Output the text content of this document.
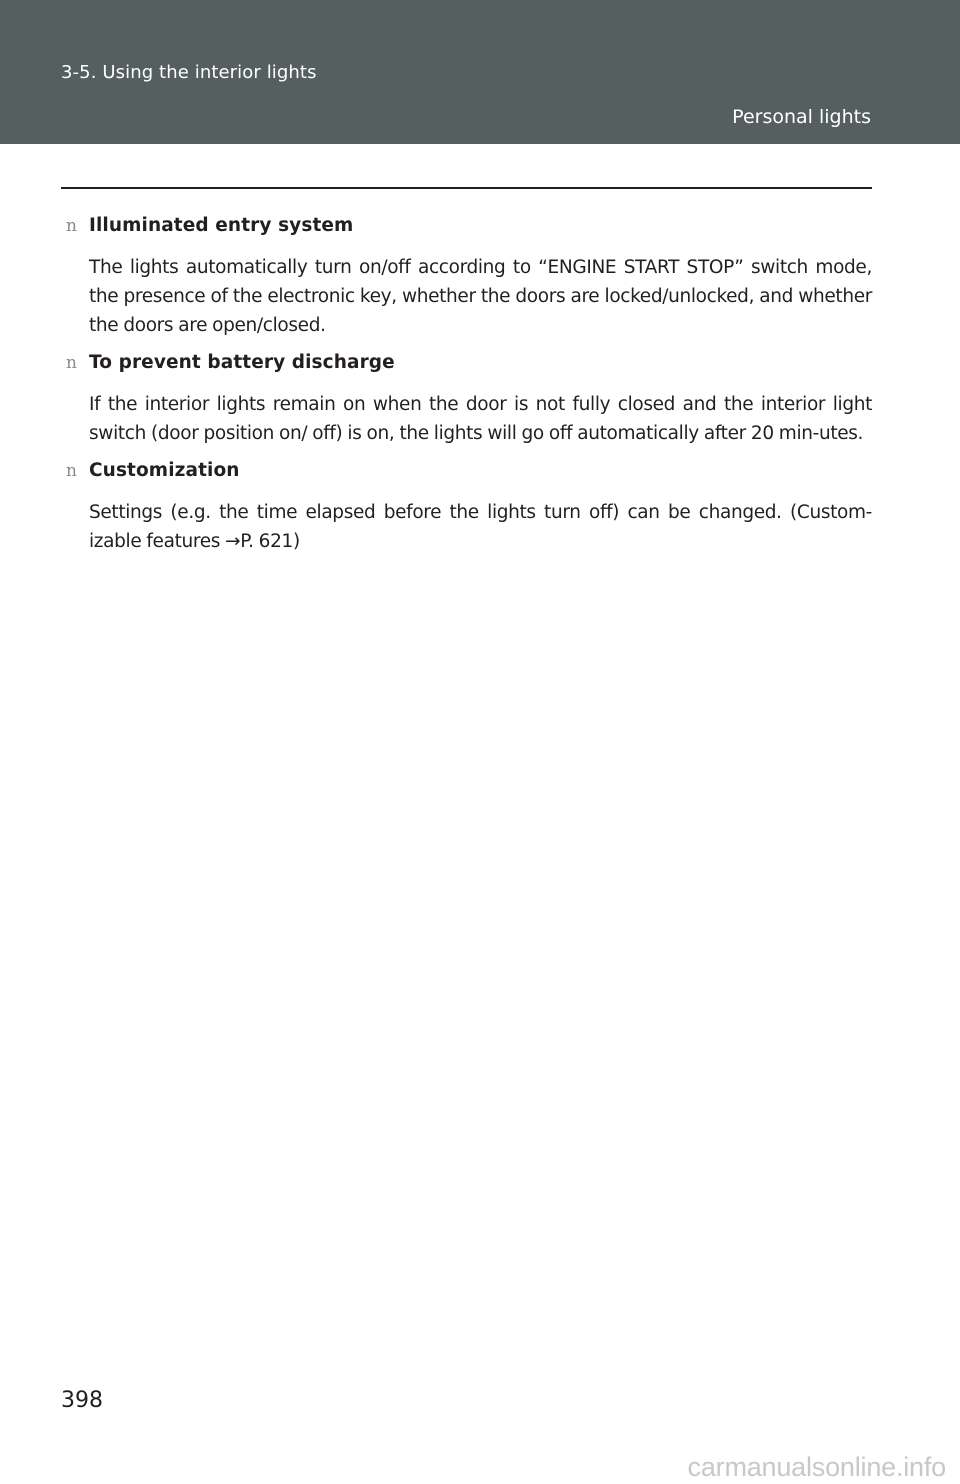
3-5. Using the interior lights
Personal lights
n Illuminated entry system
The lights automatically turn on/off according to “ENGINE START STOP” switch mode, the presence of the electronic key, whether the doors are locked/unlocked, and whether the doors are open/closed.
n To prevent battery discharge
If the interior lights remain on when the door is not fully closed and the interior light switch (door position on/ off) is on, the lights will go off automatically after 20 min-utes.
n Customization
Settings (e.g. the time elapsed before the lights turn off) can be changed. (Custom-izable features →P. 621)
398
carmanualsonline.info
